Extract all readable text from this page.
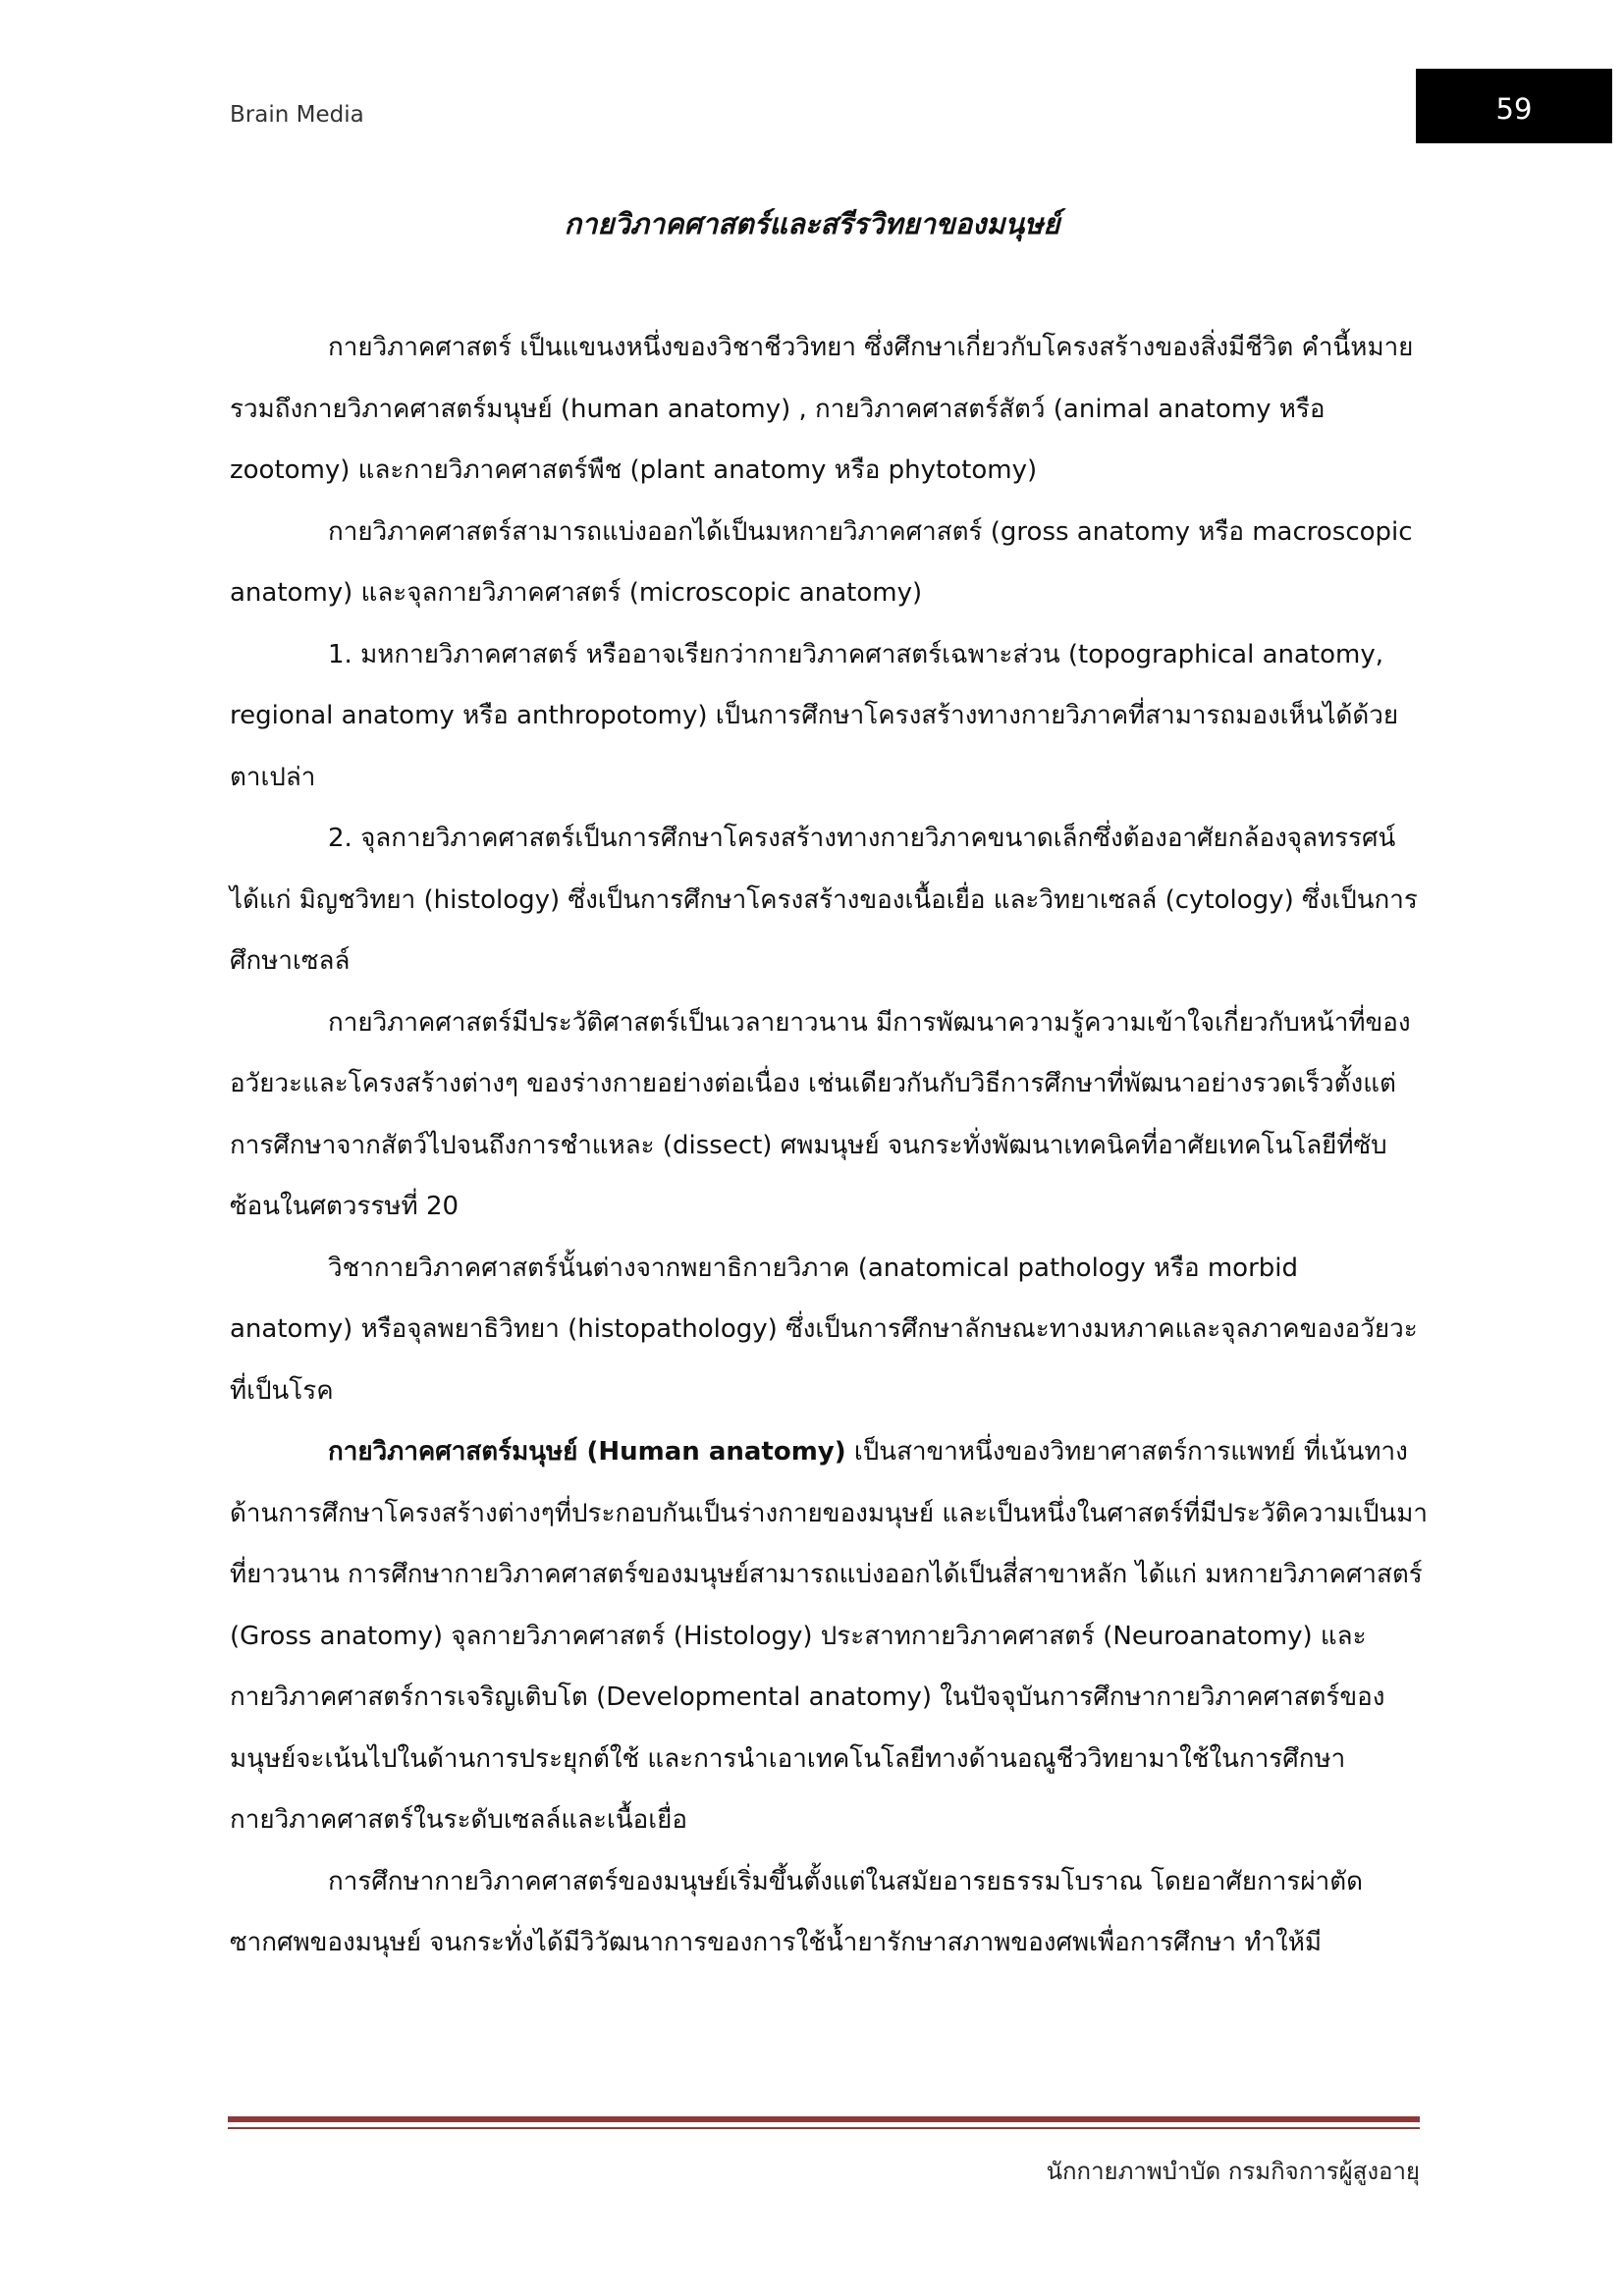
Brain Media	59
กายวิภาคศาสตร์และสรีรวิทยาของมนุษย์

กายวิภาคศาสตร์ เป็นแขนงหนึ่งของวิชาชีววิทยา ซึ่งศึกษาเกี่ยวกับโครงสร้างของสิ่งมีชีวิต คำนี้หมายรวมถึงกายวิภาคศาสตร์มนุษย์ (human anatomy) , กายวิภาคศาสตร์สัตว์ (animal anatomy หรือ zootomy) และกายวิภาคศาสตร์พืช (plant anatomy หรือ phytotomy)

กายวิภาคศาสตร์สามารถแบ่งออกได้เป็นมหกายวิภาคศาสตร์ (gross anatomy หรือ macroscopic anatomy) และจุลกายวิภาคศาสตร์ (microscopic anatomy)

1. มหกายวิภาคศาสตร์ หรืออาจเรียกว่ากายวิภาคศาสตร์เฉพาะส่วน (topographical anatomy, regional anatomy หรือ anthropotomy) เป็นการศึกษาโครงสร้างทางกายวิภาคที่สามารถมองเห็นได้ด้วยตาเปล่า

2. จุลกายวิภาคศาสตร์เป็นการศึกษาโครงสร้างทางกายวิภาคขนาดเล็กซึ่งต้องอาศัยกล้องจุลทรรศน์ ได้แก่ มิญชวิทยา (histology) ซึ่งเป็นการศึกษาโครงสร้างของเนื้อเยื่อ และวิทยาเซลล์ (cytology) ซึ่งเป็นการศึกษาเซลล์

กายวิภาคศาสตร์มีประวัติศาสตร์เป็นเวลายาวนาน มีการพัฒนาความรู้ความเข้าใจเกี่ยวกับหน้าที่ของอวัยวะและโครงสร้างต่างๆ ของร่างกายอย่างต่อเนื่อง เช่นเดียวกันกับวิธีการศึกษาที่พัฒนาอย่างรวดเร็วตั้งแต่การศึกษาจากสัตว์ไปจนถึงการชำแหละ (dissect) ศพมนุษย์ จนกระทั่งพัฒนาเทคนิคที่อาศัยเทคโนโลยีที่ซับซ้อนในศตวรรษที่ 20

วิชากายวิภาคศาสตร์นั้นต่างจากพยาธิกายวิภาค (anatomical pathology หรือ morbid anatomy) หรือจุลพยาธิวิทยา (histopathology) ซึ่งเป็นการศึกษาลักษณะทางมหภาคและจุลภาคของอวัยวะที่เป็นโรค

กายวิภาคศาสตร์มนุษย์ (Human anatomy) เป็นสาขาหนึ่งของวิทยาศาสตร์การแพทย์ ที่เน้นทางด้านการศึกษาโครงสร้างต่างๆที่ประกอบกันเป็นร่างกายของมนุษย์ และเป็นหนึ่งในศาสตร์ที่มีประวัติความเป็นมาที่ยาวนาน การศึกษากายวิภาคศาสตร์ของมนุษย์สามารถแบ่งออกได้เป็นสี่สาขาหลัก ได้แก่ มหกายวิภาคศาสตร์ (Gross anatomy) จุลกายวิภาคศาสตร์ (Histology) ประสาทกายวิภาคศาสตร์ (Neuroanatomy) และกายวิภาคศาสตร์การเจริญเติบโต (Developmental anatomy) ในปัจจุบันการศึกษากายวิภาคศาสตร์ของมนุษย์จะเน้นไปในด้านการประยุกต์ใช้ และการนำเอาเทคโนโลยีทางด้านอณูชีววิทยามาใช้ในการศึกษากายวิภาคศาสตร์ในระดับเซลล์และเนื้อเยื่อ

การศึกษากายวิภาคศาสตร์ของมนุษย์เริ่มขึ้นตั้งแต่ในสมัยอารยธรรมโบราณ โดยอาศัยการผ่าตัดซากศพของมนุษย์ จนกระทั่งได้มีวิวัฒนาการของการใช้น้ำยารักษาสภาพของศพเพื่อการศึกษา ทำให้มี

นักกายภาพบำบัด กรมกิจการผู้สูงอายุ
